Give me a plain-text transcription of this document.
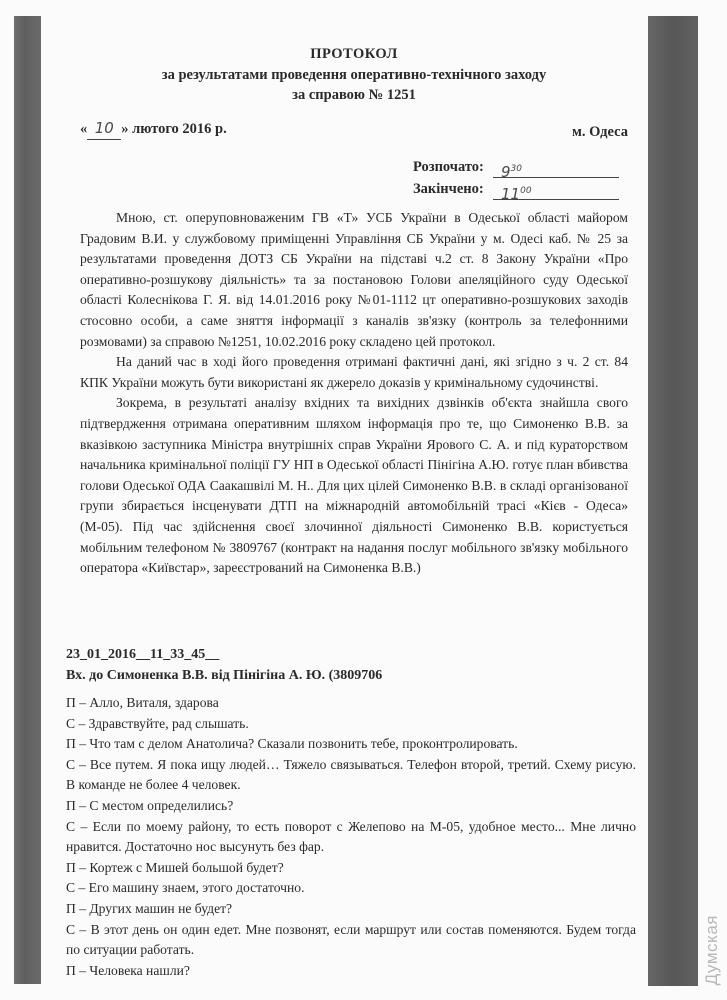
Думская
ПРОТОКОЛ
за результатами проведення оперативно-технічного заходу
за справою № 1251
« 10 » лютого 2016 р.	м. Одеса
Розпочато:	$9^{30}$
Закінчено:	$11^{00}$

Мною, ст. оперуповноваженим ГВ «Т» УСБ України в Одеської області майором Градовим В.И. у службовому приміщенні Управління СБ України у м. Одесі каб. № 25 за результатами проведення ДОТЗ СБ України на підставі ч.2 ст. 8 Закону України «Про оперативно-розшукову діяльність» та за постановою Голови апеляційного суду Одеської області Колеснікова Г. Я. від 14.01.2016 року №01-1112 цт оперативно-розшукових заходів стосовно особи, а саме зняття інформації з каналів зв'язку (контроль за телефонними розмовами) за справою №1251, 10.02.2016 року складено цей протокол.

На даний час в ході його проведення отримані фактичні дані, які згідно з ч. 2 ст. 84 КПК України можуть бути використані як джерело доказів у кримінальному судочинстві.

Зокрема, в результаті аналізу вхідних та вихідних дзвінків об'єкта знайшла свого підтвердження отримана оперативним шляхом інформація про те, що Симоненко В.В. за вказівкою заступника Міністра внутрішніх справ України Ярового С. А. и під кураторством начальника кримінальної поліції ГУ НП в Одеської області Пінігіна А.Ю. готує план вбивства голови Одеської ОДА Саакашвілі М. Н.. Для цих цілей Симоненко В.В. в складі організованої групи збирається інсценувати ДТП на міжнародній автомобільній трасі «Кієв - Одеса» (М-05). Під час здійснення своєї злочинної діяльності Симоненко В.В. користується мобільним телефоном № 3809767 (контракт на надання послуг мобільного зв'язку мобільного оператора «Київстар», зареєстрований на Симоненка В.В.)

23_01_2016__11_33_45__
Вх. до Симоненка В.В. від Пінігіна А. Ю. (3809706

П – Алло, Виталя, здарова

С – Здравствуйте, рад слышать.

П – Что там с делом Анатолича? Сказали позвонить тебе, проконтролировать.

С – Все путем. Я пока ищу людей… Тяжело связываться. Телефон второй, третий. Схему рисую. В команде не более 4 человек.

П – С местом определились?

С – Если по моему району, то есть поворот с Желепово на М-05, удобное место... Мне лично нравится. Достаточно нос высунуть без фар.

П – Кортеж с Мишей большой будет?

С – Его машину знаем, этого достаточно.

П – Других машин не будет?

С – В этот день он один едет. Мне позвонят, если маршрут или состав поменяются. Будем тогда по ситуации работать.

П – Человека нашли?
